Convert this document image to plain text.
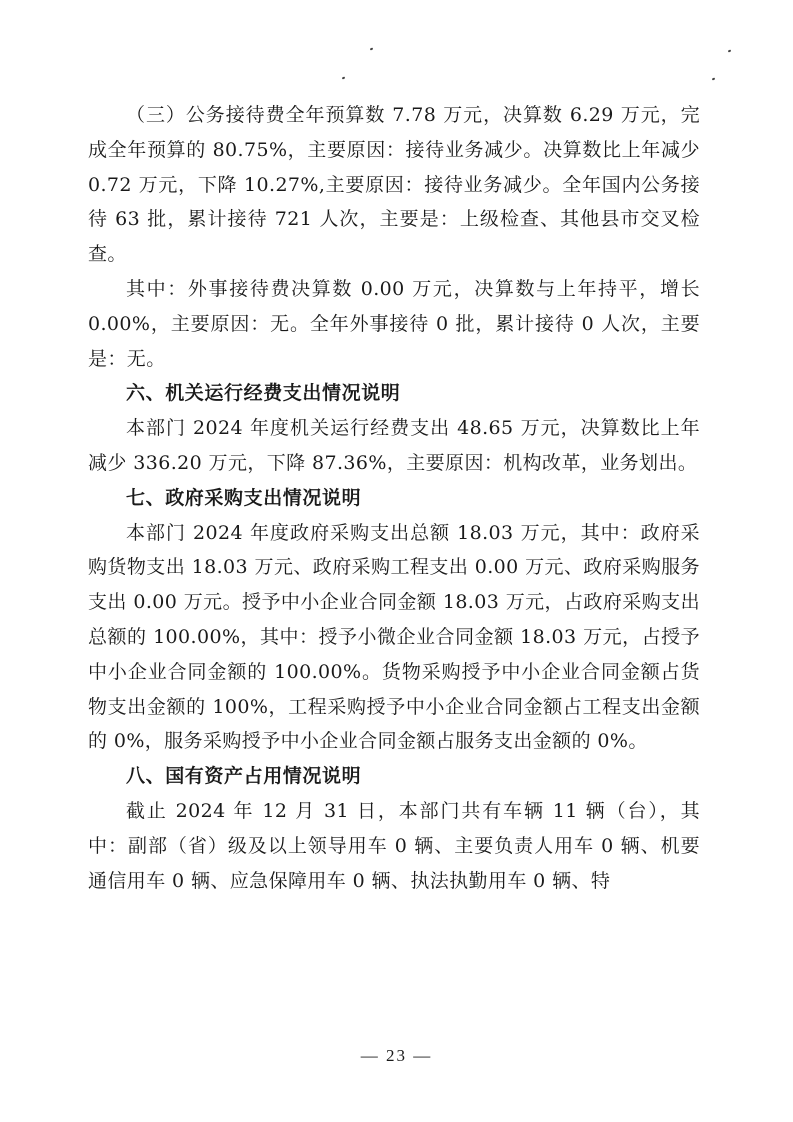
（三）公务接待费全年预算数 7.78 万元，决算数 6.29 万元，完成全年预算的 80.75%，主要原因：接待业务减少。决算数比上年减少 0.72 万元，下降 10.27%,主要原因：接待业务减少。全年国内公务接待 63 批，累计接待 721 人次，主要是：上级检查、其他县市交叉检查。

其中：外事接待费决算数 0.00 万元，决算数与上年持平，增长 0.00%，主要原因：无。全年外事接待 0 批，累计接待 0 人次，主要是：无。

六、机关运行经费支出情况说明

本部门 2024 年度机关运行经费支出 48.65 万元，决算数比上年减少 336.20 万元，下降 87.36%，主要原因：机构改革，业务划出。

七、政府采购支出情况说明

本部门 2024 年度政府采购支出总额 18.03 万元，其中：政府采购货物支出 18.03 万元、政府采购工程支出 0.00 万元、政府采购服务支出 0.00 万元。授予中小企业合同金额 18.03 万元，占政府采购支出总额的 100.00%，其中：授予小微企业合同金额 18.03 万元，占授予中小企业合同金额的 100.00%。货物采购授予中小企业合同金额占货物支出金额的 100%，工程采购授予中小企业合同金额占工程支出金额的 0%，服务采购授予中小企业合同金额占服务支出金额的 0%。

八、国有资产占用情况说明

截止 2024 年 12 月 31 日，本部门共有车辆 11 辆（台），其中：副部（省）级及以上领导用车 0 辆、主要负责人用车 0 辆、机要通信用车 0 辆、应急保障用车 0 辆、执法执勤用车 0 辆、特

— 23 —
